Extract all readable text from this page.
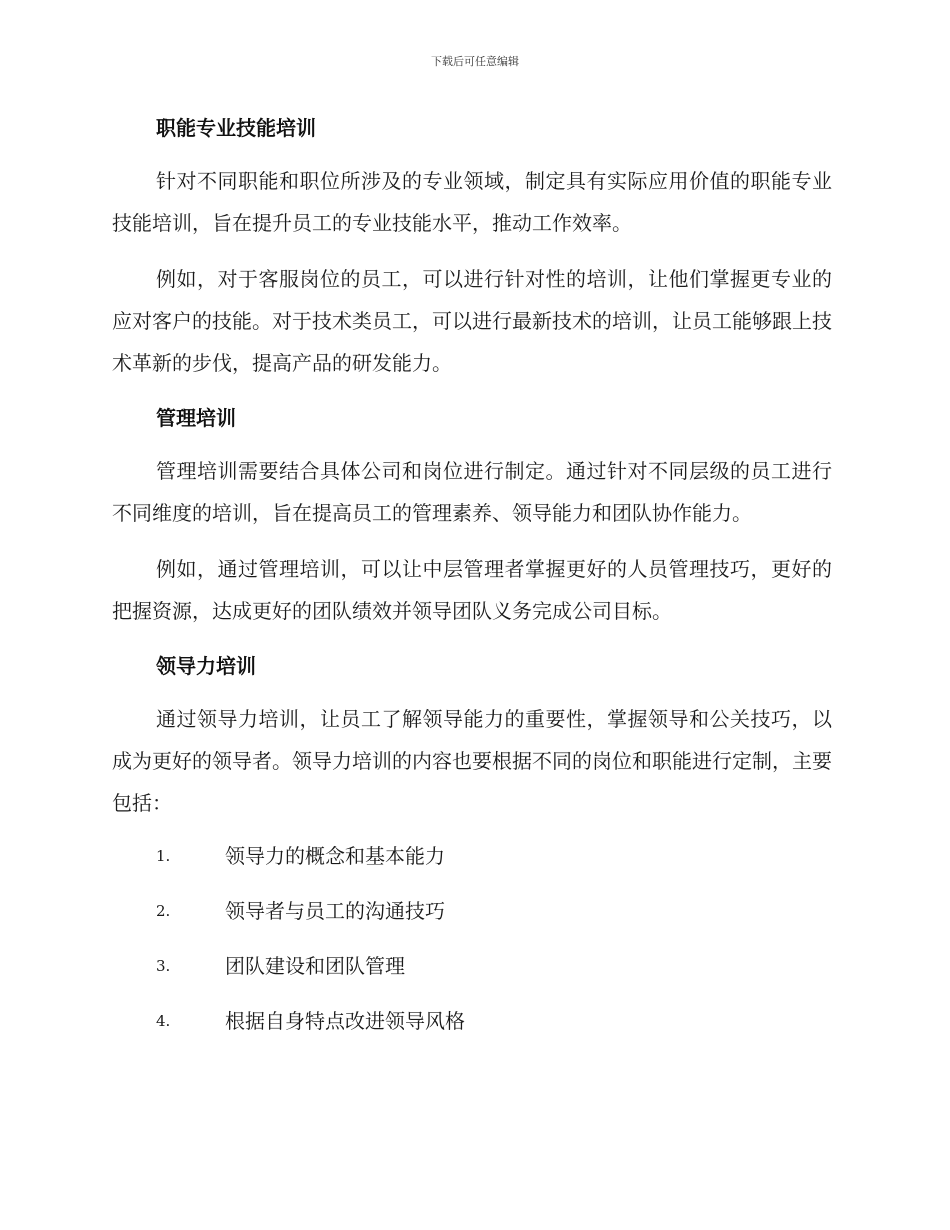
下载后可任意编辑
职能专业技能培训

针对不同职能和职位所涉及的专业领域，制定具有实际应用价值的职能专业技能培训，旨在提升员工的专业技能水平，推动工作效率。

例如，对于客服岗位的员工，可以进行针对性的培训，让他们掌握更专业的应对客户的技能。对于技术类员工，可以进行最新技术的培训，让员工能够跟上技术革新的步伐，提高产品的研发能力。

管理培训

管理培训需要结合具体公司和岗位进行制定。通过针对不同层级的员工进行不同维度的培训，旨在提高员工的管理素养、领导能力和团队协作能力。

例如，通过管理培训，可以让中层管理者掌握更好的人员管理技巧，更好的把握资源，达成更好的团队绩效并领导团队义务完成公司目标。

领导力培训

通过领导力培训，让员工了解领导能力的重要性，掌握领导和公关技巧，以成为更好的领导者。领导力培训的内容也要根据不同的岗位和职能进行定制，主要包括：

1.	领导力的概念和基本能力
2.	领导者与员工的沟通技巧
3.	团队建设和团队管理
4.	根据自身特点改进领导风格
